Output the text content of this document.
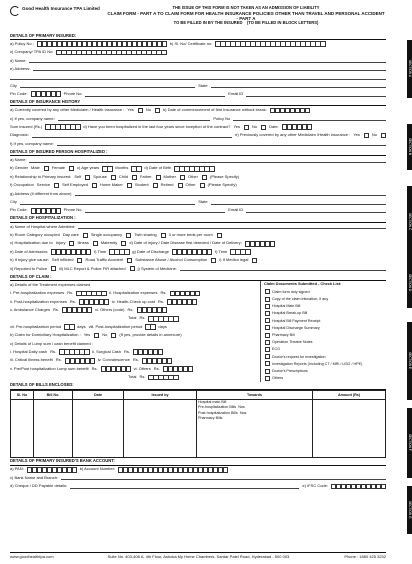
Good Health Insurance TPA Limited	THE ISSUE OF THIS FORM IS NOT TAKEN AS AN ADMISSION OF LIABILITY
CLAIM FORM - PART A TO CLAIM FORM FOR HEALTH INSURANCE POLICIES OTHER THAN TRAVEL AND PERSONAL ACCIDENT - PART A
TO BE FILLED IN BY THE INSURED (TO BE FILLED IN BLOCK LETTERS)
SECTION A
SECTION B
SECTION C
SECTION D
SECTION E
SECTION F
SECTION G
DETAILS OF PRIMARY INSURED:
a) Policy No.:	b) Sl. No/ Certificate no:
c) Company/ TPA ID No:
d) Name:
e) Address:
City	State
Pin Code:	Phone No:	Email ID
DETAILS OF INSURANCE HISTORY
a) Currently covered by any other Mediclaim / Health Insurance : Yes	No	b) Date of commencement of first Insurance without break:
c) If yes, company name:	Policy No
Sum insured (Rs.)	d) Have you been hospitalized in the last four years since inception of the contract? Yes	No	Date:
Diagnosis:	e) Previously covered by any other Mediclaim /Health insurance : Yes	No
f) If yes, company name:
DETAILS OF INSURED PERSON HOSPITALIZED :
a) Name:
b) Gender Male	Female	c) Age years	Months	d) Date of Birth
e) Relationship to Primary insured: Self	Spouse	Child	Father	Mother	Other	(Please Specify)
f) Occupation Service	Self Employed	Home Maker	Student	Retired	Other	(Please Specify)
g) Address (if different from above)
City	State
Pin Code:	Phone No:	Email ID
DETAILS OF HOSPITALIZATION :
a) Name of Hospital where Admitted:
b) Room Category occupied Day care	Single occupancy	Twin sharing	3 or more beds per room
c) Hospitalization due to Injury	Illness	Maternity	d) Date of injury / Date Disease first detected / Date of Delivery:
e) Date of Admission:	f) Time	g) Date of Discharge	f) Time
h) If injury give cause: Self inflicted	Road Traffic Accident	Substance Abuse / Alcohol Consumption	i) If Medico legal
ii) Reported to Police	iii) MLC Report & Police FIR attached	j) System of Medicine:
DETAILS OF CLAIM :
a) Details of the Treatment expenses claimed
i. Pre-hospitalization expenses Rs.	ii. Hospitalization expenses Rs.
ii. Post-hospitalization expenses Rs.	iv. Health-Check up cost Rs.
v. Ambulance Charges Rs.	vi. Others (code) Rs.
Total Rs.
vii. Pre-hospitalization period	days viii. Post-hospitalization period	days
b) Claim for Domiciliary Hospitalization : Yes	No	(If yes, provide details in annexure)
c) Details of Lump sum / cash benefit claimed :
i. Hospital Daily cash Rs.	ii. Surgical Cash Rs.
iii. Critical Illness benefit Rs.	iv. Convalescence Rs.
v. Pre/Post hospitalization Lump sum benefit Rs.	vi. Others Rs.
Total Rs.
Claim Documents Submitted - Check List:
Claim form duly signed
Copy of the claim intimation, if any
Hospital Main Bill
Hospital Break-up Bill
Hospital Bill Payment Receipt
Hospital Discharge Summary
Pharmacy Bill
Operation Theatre Notes
ECG
Doctor's request for investigation
Investigation Reports (Including CT / MRI / USG / HPE)
Doctor's Prescriptions
Others
DETAILS OF BILLS ENCLOSED:
Sl. No	Bill No.	Date	Issued by	Towards	Amount (Rs)
				Hospital main Bill	
				Pre-hospitalization Bills Nos	
				Post-hospitalization Bills Nos	
				Pharmacy Bills	

DETAILS OF PRIMARY INSURED'S BANK ACCOUNT:
a) PAN:	b) Account Number:
c) Bank Name and Branch:
d) Cheque / DD Payable details:	e) IFSC Code:
www.goodhealthtpa.com	Suite No. 403-408 A, 4th Floor, Ashoka My Home Chambers, Sardar Patel Road, Hyderabad - 500 003.	Phone : 1860 425 3232
